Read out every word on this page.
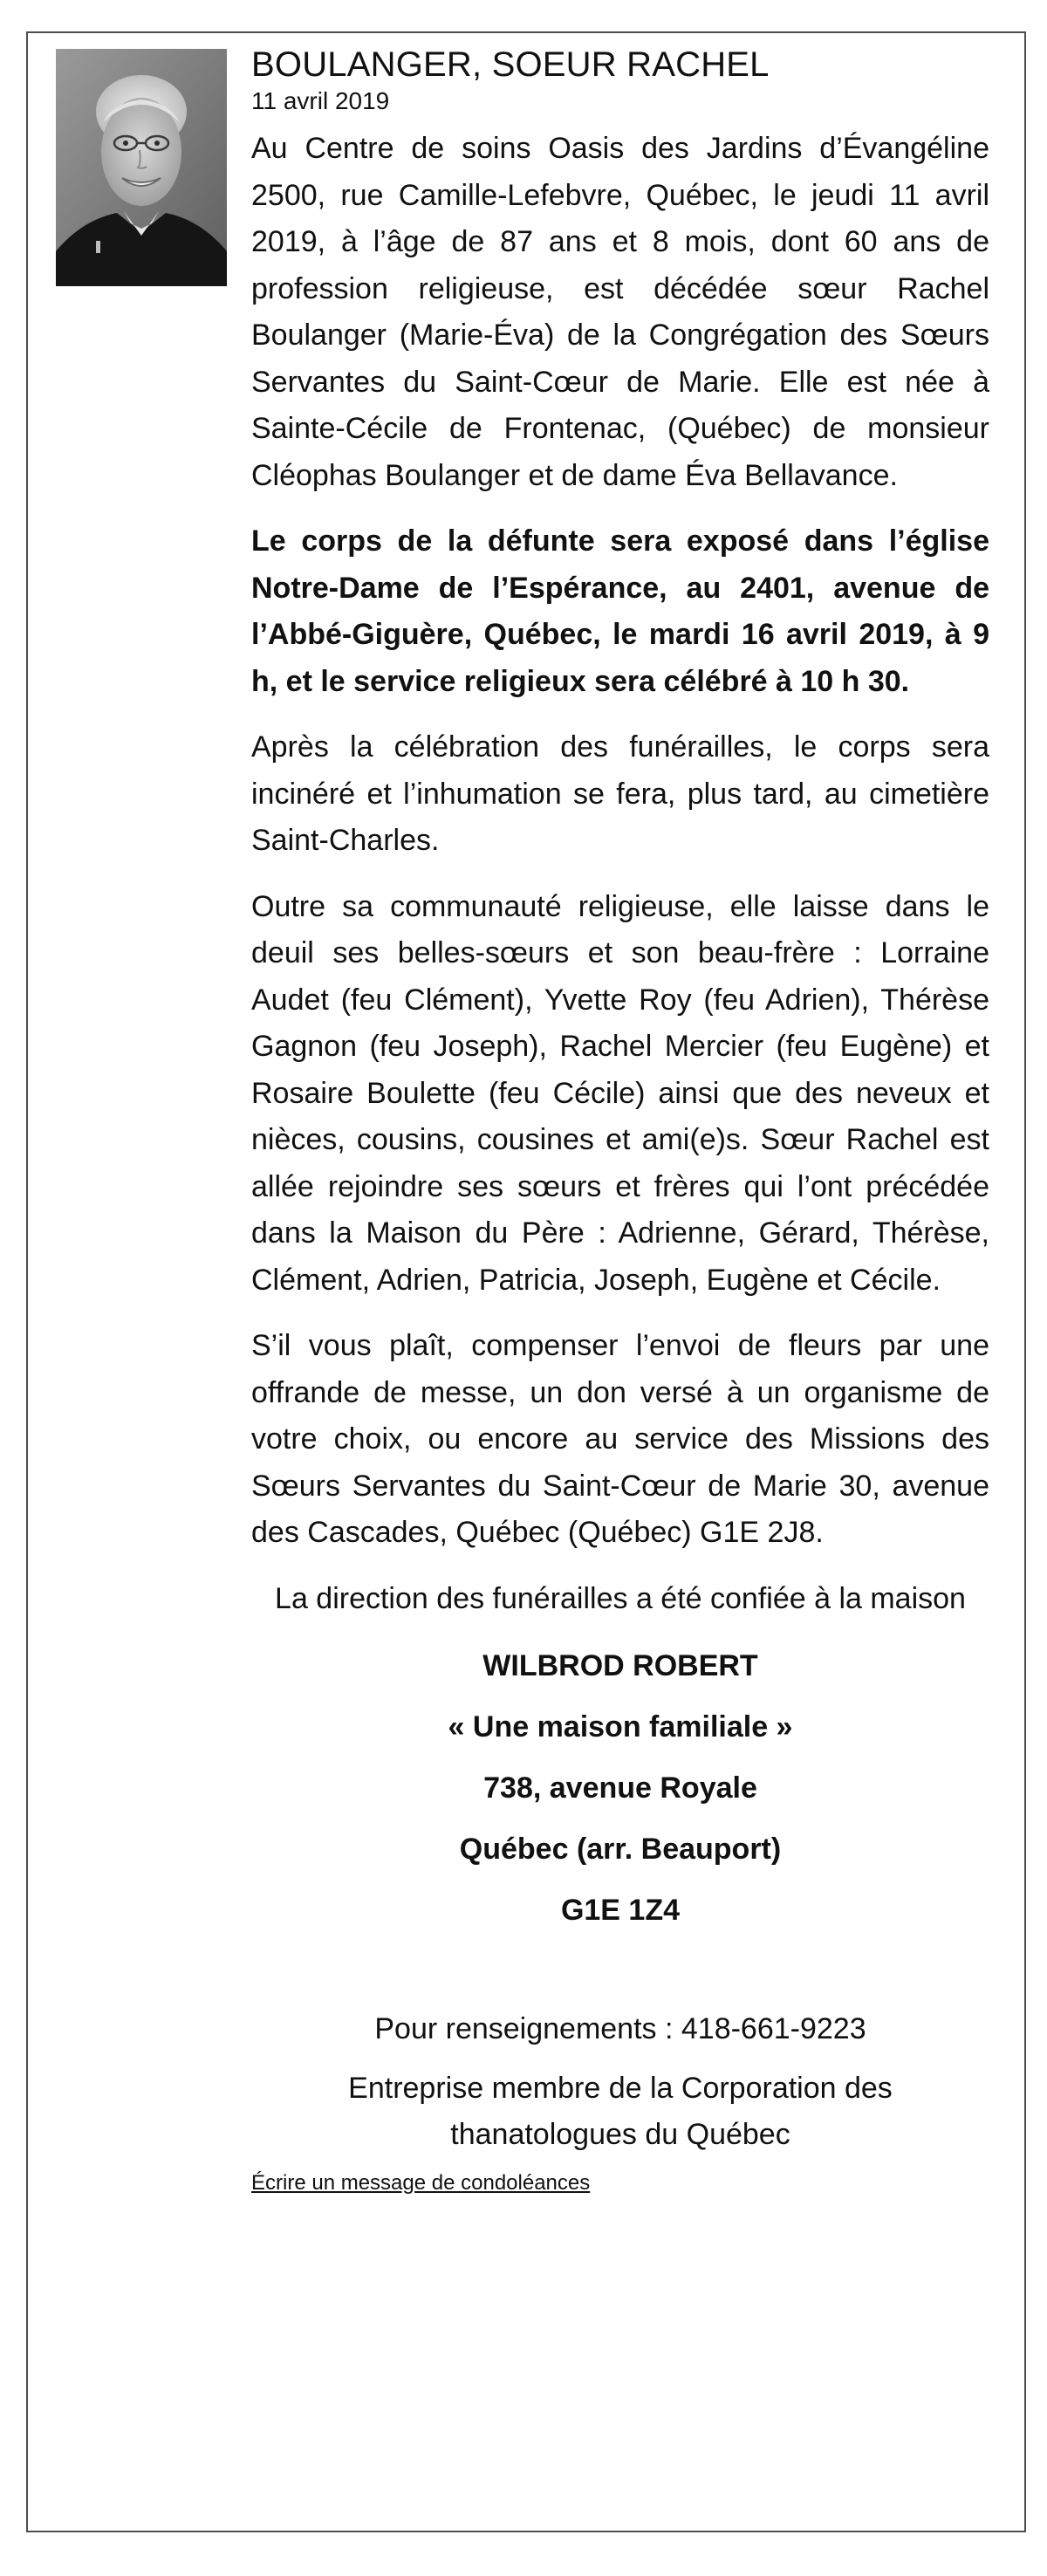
BOULANGER, SOEUR RACHEL

11 avril 2019

Au Centre de soins Oasis des Jardins d’Évangéline 2500, rue Camille-Lefebvre, Québec, le jeudi 11 avril 2019, à l’âge de 87 ans et 8 mois, dont 60 ans de profession religieuse, est décédée sœur Rachel Boulanger (Marie-Éva) de la Congrégation des Sœurs Servantes du Saint-Cœur de Marie. Elle est née à Sainte-Cécile de Frontenac, (Québec) de monsieur Cléophas Boulanger et de dame Éva Bellavance.

Le corps de la défunte sera exposé dans l’église Notre-Dame de l’Espérance, au 2401, avenue de l’Abbé-Giguère, Québec, le mardi 16 avril 2019, à 9 h, et le service religieux sera célébré à 10 h 30.

Après la célébration des funérailles, le corps sera incinéré et l’inhumation se fera, plus tard, au cimetière Saint-Charles.

Outre sa communauté religieuse, elle laisse dans le deuil ses belles-sœurs et son beau-frère : Lorraine Audet (feu Clément), Yvette Roy (feu Adrien), Thérèse Gagnon (feu Joseph), Rachel Mercier (feu Eugène) et Rosaire Boulette (feu Cécile) ainsi que des neveux et nièces, cousins, cousines et ami(e)s. Sœur Rachel est allée rejoindre ses sœurs et frères qui l’ont précédée dans la Maison du Père : Adrienne, Gérard, Thérèse, Clément, Adrien, Patricia, Joseph, Eugène et Cécile.

S’il vous plaît, compenser l’envoi de fleurs par une offrande de messe, un don versé à un organisme de votre choix, ou encore au service des Missions des Sœurs Servantes du Saint-Cœur de Marie 30, avenue des Cascades, Québec (Québec) G1E 2J8.

La direction des funérailles a été confiée à la maison

WILBROD ROBERT

« Une maison familiale »

738, avenue Royale

Québec (arr. Beauport)

G1E 1Z4

Pour renseignements : 418-661-9223

Entreprise membre de la Corporation des thanatologues du Québec

Écrire un message de condoléances
